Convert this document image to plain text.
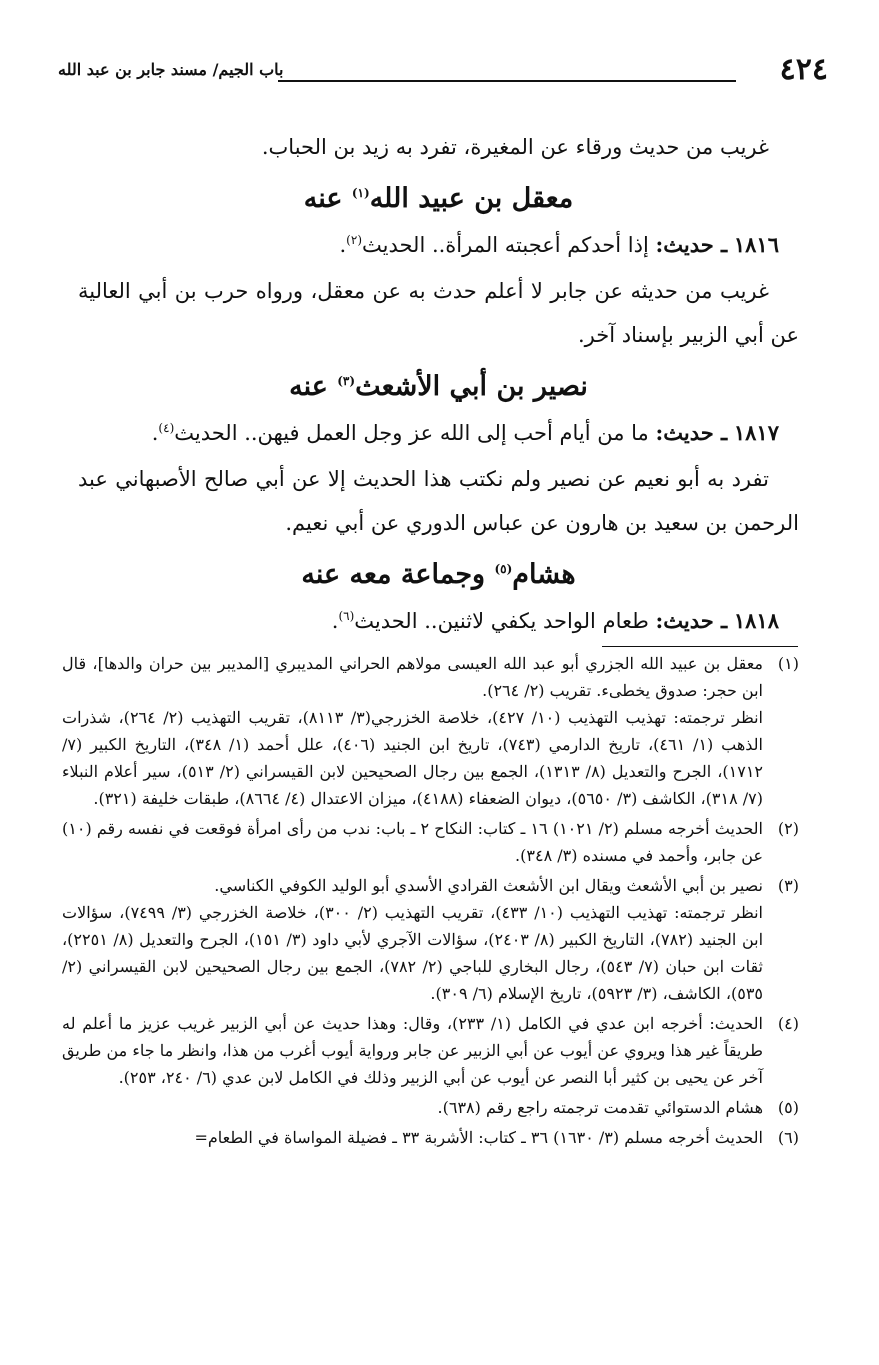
٤٢٤
باب الجيم/ مسند جابر بن عبد الله

غريب من حديث ورقاء عن المغيرة، تفرد به زيد بن الحباب.

معقل بن عبيد الله$^{(١)}$ عنه

١٨١٦ ـ حديث: إذا أحدكم أعجبته المرأة.. الحديث$^{(٢)}$.

غريب من حديثه عن جابر لا أعلم حدث به عن معقل، ورواه حرب بن أبي العالية عن أبي الزبير بإسناد آخر.

نصير بن أبي الأشعث$^{(٣)}$ عنه

١٨١٧ ـ حديث: ما من أيام أحب إلى الله عز وجل العمل فيهن.. الحديث$^{(٤)}$.

تفرد به أبو نعيم عن نصير ولم نكتب هذا الحديث إلا عن أبي صالح الأصبهاني عبد الرحمن بن سعيد بن هارون عن عباس الدوري عن أبي نعيم.

هشام$^{(٥)}$ وجماعة معه عنه

١٨١٨ ـ حديث: طعام الواحد يكفي لاثنين.. الحديث$^{(٦)}$.

(١)

معقل بن عبيد الله الجزري أبو عبد الله العيسى مولاهم الحراني المديبري [المديبر بين حران والدها]، قال ابن حجر: صدوق يخطىء. تقريب (٢/ ٢٦٤).

انظر ترجمته: تهذيب التهذيب (١٠/ ٤٢٧)، خلاصة الخزرجي(٣/ ٨١١٣)، تقريب التهذيب (٢/ ٢٦٤)، شذرات الذهب (١/ ٤٦١)، تاريخ الدارمي (٧٤٣)، تاريخ ابن الجنيد (٤٠٦)، علل أحمد (١/ ٣٤٨)، التاريخ الكبير (٧/ ١٧١٢)، الجرح والتعديل (٨/ ١٣١٣)، الجمع بين رجال الصحيحين لابن القيسراني (٢/ ٥١٣)، سير أعلام النبلاء (٧/ ٣١٨)، الكاشف (٣/ ٥٦٥٠)، ديوان الضعفاء (٤١٨٨)، ميزان الاعتدال (٤/ ٨٦٦٤)، طبقات خليفة (٣٢١).

(٢)

الحديث أخرجه مسلم (٢/ ١٠٢١) ١٦ ـ كتاب: النكاح ٢ ـ باب: ندب من رأى امرأة فوقعت في نفسه رقم (١٠) عن جابر، وأحمد في مسنده (٣/ ٣٤٨).

(٣)

نصير بن أبي الأشعث ويقال ابن الأشعث القرادي الأسدي أبو الوليد الكوفي الكناسي.

انظر ترجمته: تهذيب التهذيب (١٠/ ٤٣٣)، تقريب التهذيب (٢/ ٣٠٠)، خلاصة الخزرجي (٣/ ٧٤٩٩)، سؤالات ابن الجنيد (٧٨٢)، التاريخ الكبير (٨/ ٢٤٠٣)، سؤالات الآجري لأبي داود (٣/ ١٥١)، الجرح والتعديل (٨/ ٢٢٥١)، ثقات ابن حبان (٧/ ٥٤٣)، رجال البخاري للباجي (٢/ ٧٨٢)، الجمع بين رجال الصحيحين لابن القيسراني (٢/ ٥٣٥)، الكاشف، (٣/ ٥٩٢٣)، تاريخ الإسلام (٦/ ٣٠٩).

(٤)

الحديث: أخرجه ابن عدي في الكامل (١/ ٢٣٣)، وقال: وهذا حديث عن أبي الزبير غريب عزيز ما أعلم له طريقاً غير هذا ويروي عن أيوب عن أبي الزبير عن جابر ورواية أيوب أغرب من هذا، وانظر ما جاء من طريق آخر عن يحيى بن كثير أبا النصر عن أيوب عن أبي الزبير وذلك في الكامل لابن عدي (٦/ ٢٤٠، ٢٥٣).

(٥)

هشام الدستوائي تقدمت ترجمته راجع رقم (٦٣٨).

(٦)

الحديث أخرجه مسلم (٣/ ١٦٣٠) ٣٦ ـ كتاب: الأشربة ٣٣ ـ فضيلة المواساة في الطعام=
